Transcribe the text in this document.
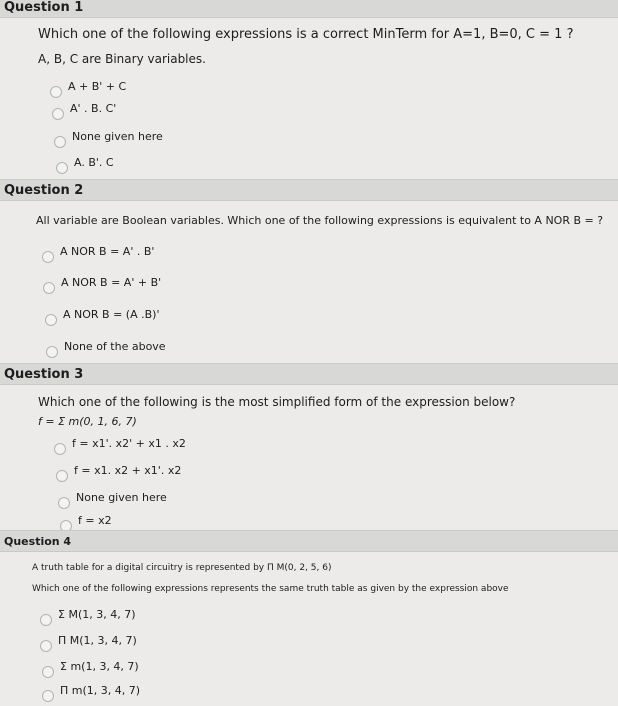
Question 1
Which one of the following expressions is a correct MinTerm for A=1, B=0, C = 1 ?
A, B, C are Binary variables.
A + B' + C
A' . B. C'
None given here
A. B'. C
Question 2
All variable are Boolean variables. Which one of the following expressions is equivalent to A NOR B = ?
A NOR B = A' . B'
A NOR B = A' + B'
A NOR B = (A .B)'
None of the above
Question 3
Which one of the following is the most simplified form of the expression below?
f = Σ m(0, 1, 6, 7)
f = x1'. x2' + x1 . x2
f = x1. x2 + x1'. x2
None given here
f = x2
Question 4
A truth table for a digital circuitry is represented by Π M(0, 2, 5, 6)
Which one of the following expressions represents the same truth table as given by the expression above
Σ M(1, 3, 4, 7)
Π M(1, 3, 4, 7)
Σ m(1, 3, 4, 7)
Π m(1, 3, 4, 7)
